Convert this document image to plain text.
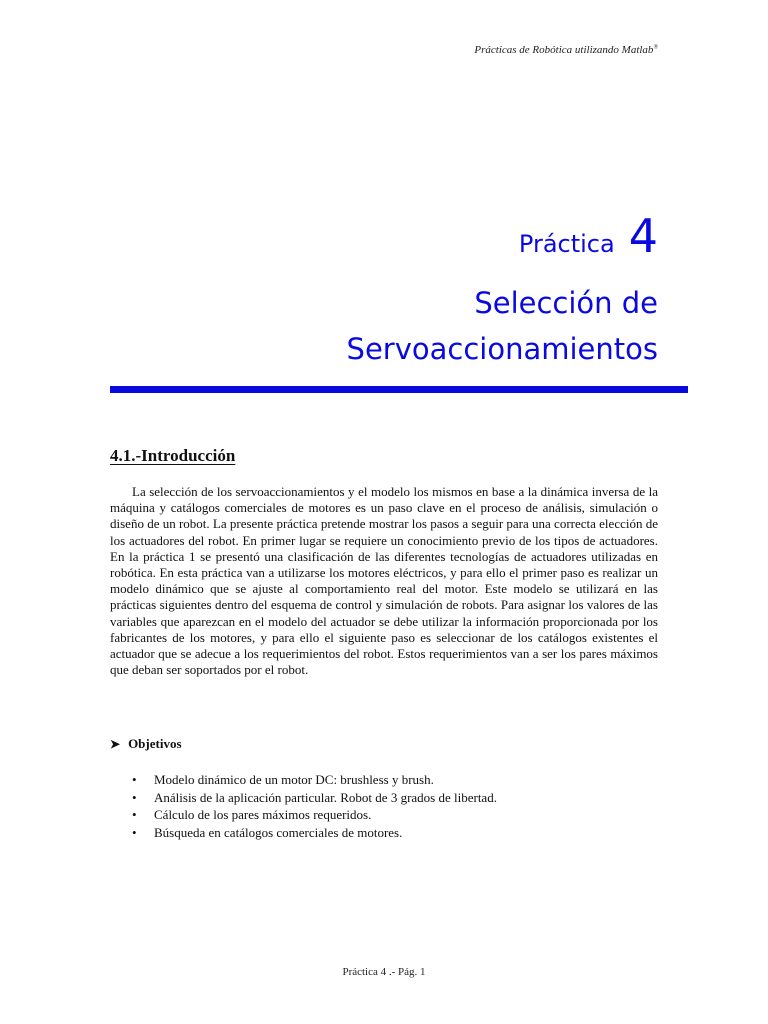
Prácticas de Robótica utilizando Matlab®
Práctica 4
Selección de
Servoaccionamientos
4.1.-Introducción

La selección de los servoaccionamientos y el modelo los mismos en base a la dinámica inversa de la máquina y catálogos comerciales de motores es un paso clave en el proceso de análisis, simulación o diseño de un robot. La presente práctica pretende mostrar los pasos a seguir para una correcta elección de los actuadores del robot. En primer lugar se requiere un conocimiento previo de los tipos de actuadores. En la práctica 1 se presentó una clasificación de las diferentes tecnologías de actuadores utilizadas en robótica. En esta práctica van a utilizarse los motores eléctricos, y para ello el primer paso es realizar un modelo dinámico que se ajuste al comportamiento real del motor. Este modelo se utilizará en las prácticas siguientes dentro del esquema de control y simulación de robots. Para asignar los valores de las variables que aparezcan en el modelo del actuador se debe utilizar la información proporcionada por los fabricantes de los motores, y para ello el siguiente paso es seleccionar de los catálogos existentes el actuador que se adecue a los requerimientos del robot. Estos requerimientos van a ser los pares máximos que deban ser soportados por el robot.

➤ Objetivos
• Modelo dinámico de un motor DC: brushless y brush.
• Análisis de la aplicación particular. Robot de 3 grados de libertad.
• Cálculo de los pares máximos requeridos.
• Búsqueda en catálogos comerciales de motores.
Práctica 4 .- Pág. 1
